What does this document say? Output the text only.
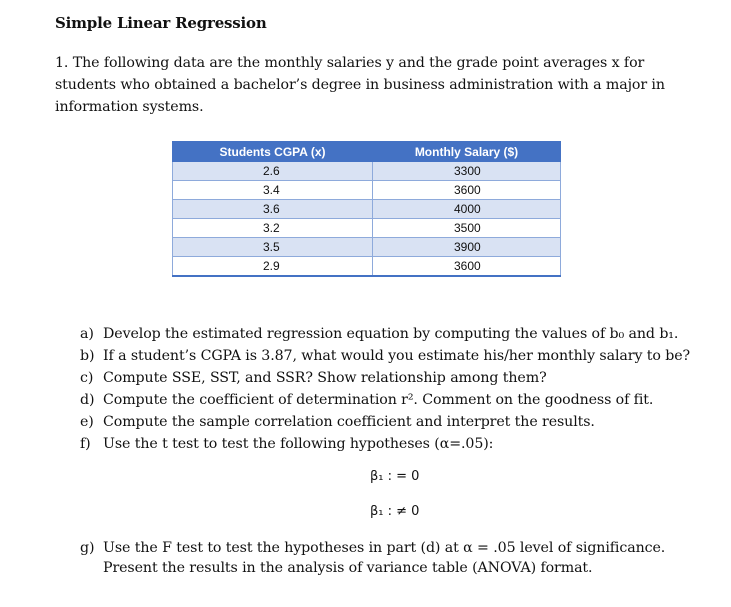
Simple Linear Regression
1. The following data are the monthly salaries y and the grade point averages x for students who obtained a bachelor’s degree in business administration with a major in information systems.
Students CGPA (x)	Monthly Salary ($)
2.6	3300
3.4	3600
3.6	4000
3.2	3500
3.5	3900
2.9	3600
a) Develop the estimated regression equation by computing the values of b₀ and b₁.
b) If a student’s CGPA is 3.87, what would you estimate his/her monthly salary to be?
c) Compute SSE, SST, and SSR? Show relationship among them?
d) Compute the coefficient of determination r². Comment on the goodness of fit.
e) Compute the sample correlation coefficient and interpret the results.
f) Use the t test to test the following hypotheses (α=.05):
β₁ : = 0
β₁ : ≠ 0
g) Use the F test to test the hypotheses in part (d) at α = .05 level of significance.
Present the results in the analysis of variance table (ANOVA) format.
